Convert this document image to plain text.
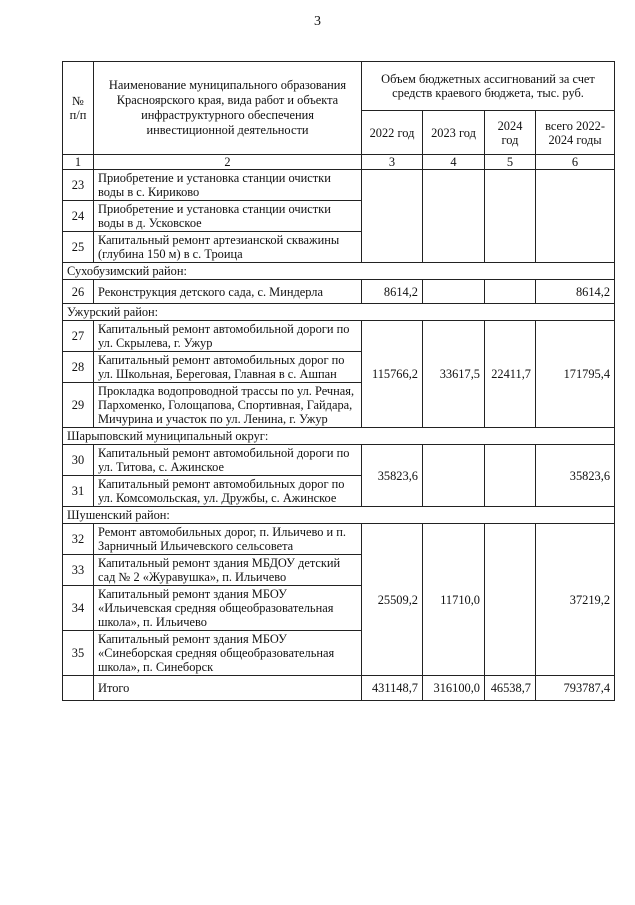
3
№
п/п	Наименование муниципального образования Красноярского края, вида работ и объекта инфраструктурного обеспечения инвестиционной деятельности	Объем бюджетных ассигнований за счет средств краевого бюджета, тыс. руб.			
		2022 год	2023 год	2024 год	всего 2022-2024 годы
1	2	3	4	5	6
23	Приобретение и установка станции очистки воды в с. Кириково				
24	Приобретение и установка станции очистки воды в д. Усковское				
25	Капитальный ремонт артезианской скважины (глубина 150 м) в с. Троица				
Сухобузимский район:					
26	Реконструкция детского сада, с. Миндерла	8614,2			8614,2
Ужурский район:					
27	Капитальный ремонт автомобильной дороги по ул. Скрылева, г. Ужур	115766,2	33617,5	22411,7	171795,4
28	Капитальный ремонт автомобильных дорог по ул. Школьная, Береговая, Главная в с. Ашпан				
29	Прокладка водопроводной трассы по ул. Речная, Пархоменко, Голощапова, Спортивная, Гайдара, Мичурина и участок по ул. Ленина, г. Ужур				
Шарыповский муниципальный округ:					
30	Капитальный ремонт автомобильной дороги по ул. Титова, с. Ажинское	35823,6			35823,6
31	Капитальный ремонт автомобильных дорог по ул. Комсомольская, ул. Дружбы, с. Ажинское				
Шушенский район:					
32	Ремонт автомобильных дорог, п. Ильичево и п. Зарничный Ильичевского сельсовета	25509,2	11710,0		37219,2
33	Капитальный ремонт здания МБДОУ детский сад № 2 «Журавушка», п. Ильичево				
34	Капитальный ремонт здания МБОУ «Ильичевская средняя общеобразовательная школа», п. Ильичево				
35	Капитальный ремонт здания МБОУ «Синеборская средняя общеобразовательная школа», п. Синеборск				
	Итого	431148,7	316100,0	46538,7	793787,4
